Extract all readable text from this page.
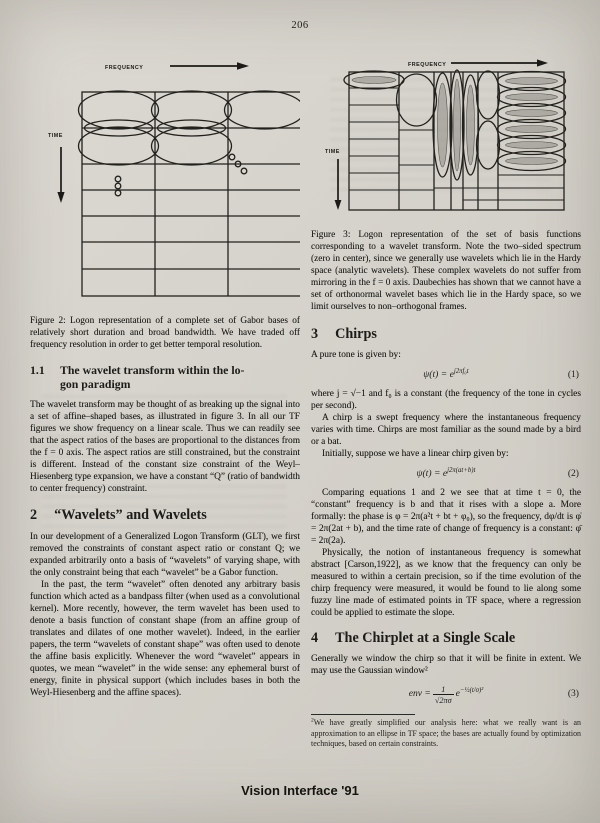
206
FREQUENCY
TIME

Figure 2: Logon representation of a complete set of Gabor bases of relatively short duration and broad bandwidth. We have traded off frequency resolution in order to get better temporal resolution.

1.1	The wavelet transform within the lo-
gon paradigm

The wavelet transform may be thought of as breaking up the signal into a set of affine–shaped bases, as illustrated in figure 3. In all our TF figures we show frequency on a linear scale. Thus we can readily see that the aspect ratios of the bases are proportional to the distances from the f = 0 axis. The aspect ratios are still constrained, but the constraint is different. Instead of the constant size constraint of the Weyl–Hiesenberg type expansion, we have a constant “Q” (ratio of bandwidth to center frequency) constraint.

2 “Wavelets” and Wavelets

In our development of a Generalized Logon Transform (GLT), we first removed the constraints of constant aspect ratio or constant Q; we expanded arbitrarily onto a basis of “wavelets” of varying shape, with the only constraint being that each “wavelet” be a Gabor function.

In the past, the term “wavelet” often denoted any arbitrary basis function which acted as a bandpass filter (when used as a convolutional kernel). More recently, however, the term wavelet has been used to denote a basis function of constant shape (from an affine group of translates and dilates of one mother wavelet). Indeed, in the earlier papers, the term “wavelets of constant shape” was often used to denote the affine basis explicitly. Whenever the word “wavelet” appears in quotes, we mean “wavelet” in the wide sense: any ephemeral burst of energy, finite in physical support (which includes bases in both the Weyl-Hiesenberg and the affine spaces).

FREQUENCY
TIME

Figure 3: Logon representation of the set of basis functions corresponding to a wavelet transform. Note the two–sided spectrum (zero in center), since we generally use wavelets which lie in the Hardy space (analytic wavelets). These complex wavelets do not suffer from mirroring in the f = 0 axis. Daubechies has shown that we cannot have a set of orthonormal wavelet bases which lie in the Hardy space, so we limit ourselves to non–orthogonal frames.

3 Chirps

A pure tone is given by:

$\psi(t) = e^{j2\pi f_0t}$	(1)

where j = √−1 and f₀ is a constant (the frequency of the tone in cycles per second).

A chirp is a swept frequency where the instantaneous frequency varies with time. Chirps are most familiar as the sound made by a bird or a bat.

Initially, suppose we have a linear chirp given by:

$\psi(t) = e^{j2\pi(at+b)t}$	(2)

Comparing equations 1 and 2 we see that at time t = 0, the “constant” frequency is b and that it rises with a slope a. More formally: the phase is φ = 2π(a²t + bt + φ₀), so the frequency, dφ/dt is φ̇ = 2π(2at + b), and the time rate of change of frequency is a constant: φ̈ = 2π(2a).

Physically, the notion of instantaneous frequency is somewhat abstract [Carson,1922], as we know that the frequency can only be measured to within a certain precision, so if the time evolution of the chirp frequency were measured, it would be found to lie along some fuzzy line made of estimated points in TF space, where a regression could be applied to estimate the slope.

4 The Chirplet at a Single Scale

Generally we window the chirp so that it will be finite in extent. We may use the Gaussian window²

env = $\frac{1}{√2\pi\sigma} e^{-\frac{1}{2}(t/\sigma)^2}$	(3)

$^2$We have greatly simplified our analysis here: what we really want is an approximation to an ellipse in TF space; the bases are actually found by optimization techniques, based on certain constraints.

Vision Interface '91
